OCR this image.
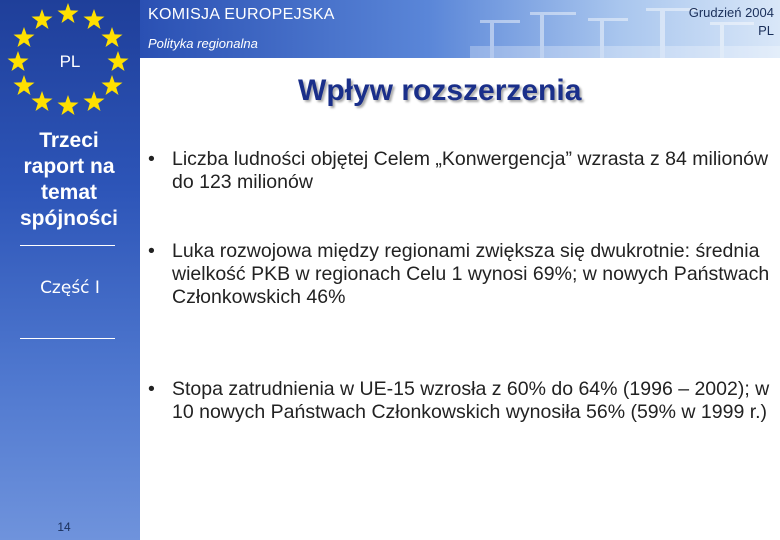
PL
KOMISJA EUROPEJSKA
Polityka regionalna
Grudzień 2004
PL
Trzeci
raport na
temat
spójności
Część I
14
Wpływ rozszerzenia
• Liczba ludności objętej Celem „Konwergencja” wzrasta z 84 milionów do 123 milionów
• Luka rozwojowa między regionami zwiększa się dwukrotnie: średnia wielkość PKB w regionach Celu 1 wynosi 69%; w nowych Państwach Członkowskich 46%
• Stopa zatrudnienia w UE-15 wzrosła z 60% do 64% (1996 – 2002); w 10 nowych Państwach Członkowskich wynosiła 56% (59% w 1999 r.)
